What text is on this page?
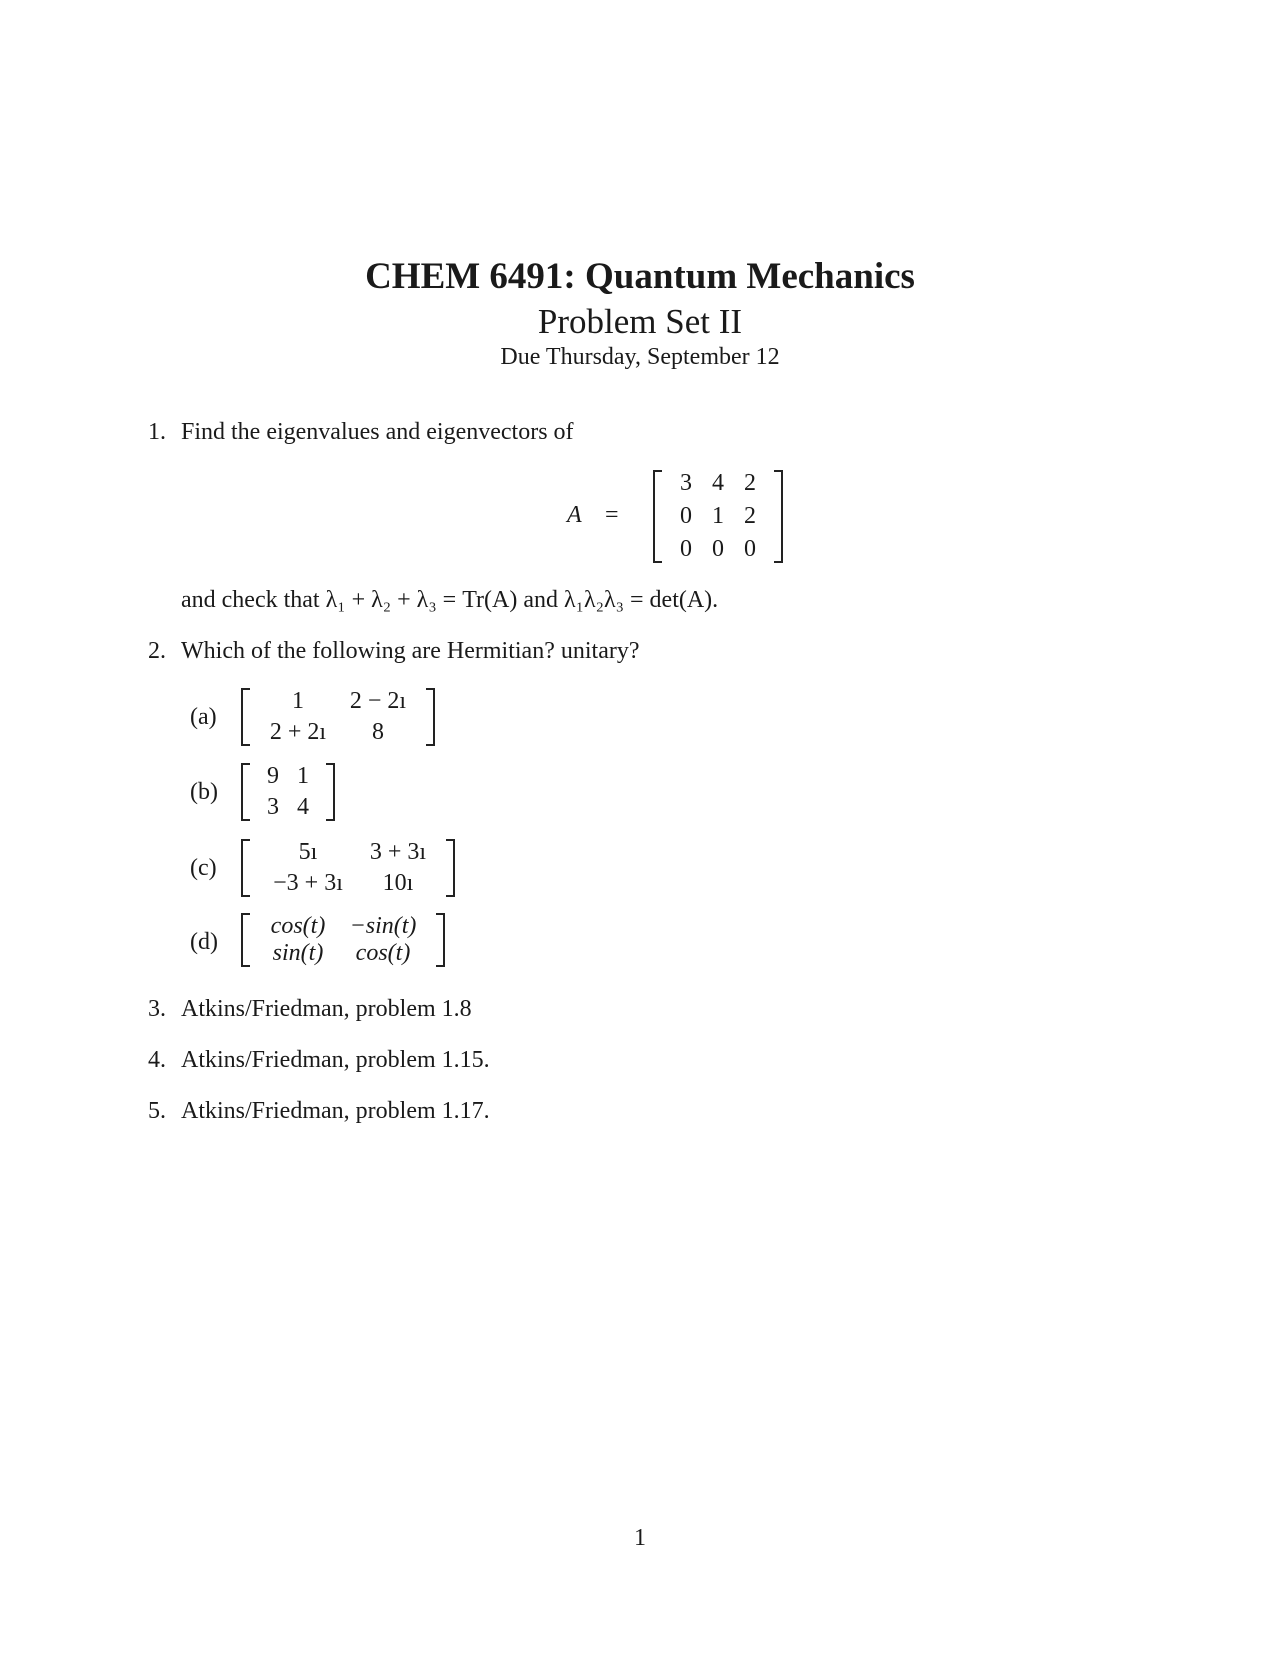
CHEM 6491: Quantum Mechanics
Problem Set II
Due Thursday, September 12
1. Find the eigenvalues and eigenvectors of
A =
3 4 2
0 1 2
0 0 0
and check that λ₁ + λ₂ + λ₃ = Tr(A) and λ₁λ₂λ₃ = det(A).
2. Which of the following are Hermitian? unitary?
(a)
1	2 − 2ı
2 + 2ı	8
(b)
9 1
3 4
(c)
5ı	3 + 3ı
−3 + 3ı	10ı
(d)
cos(t)	−sin(t)
sin(t)	cos(t)
3. Atkins/Friedman, problem 1.8
4. Atkins/Friedman, problem 1.15.
5. Atkins/Friedman, problem 1.17.
1
